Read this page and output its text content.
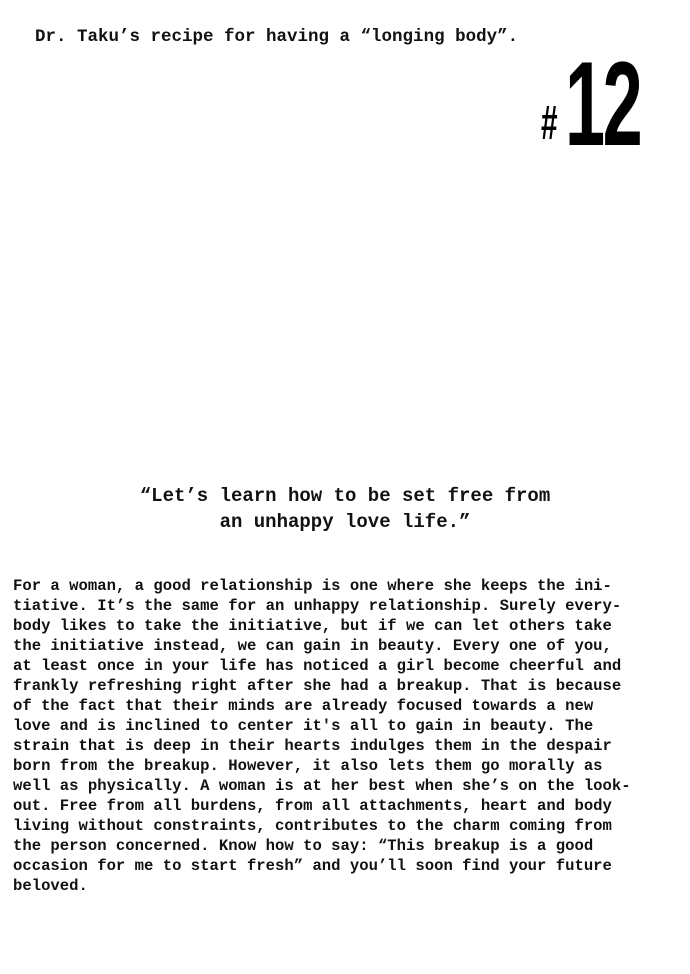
Dr. Taku’s recipe for having a “longing body”.
# 12
“Let’s learn how to be set free from
an unhappy love life.”
For a woman, a good relationship is one where she keeps the ini-
tiative. It’s the same for an unhappy relationship. Surely every-
body likes to take the initiative, but if we can let others take
the initiative instead, we can gain in beauty. Every one of you,
at least once in your life has noticed a girl become cheerful and
frankly refreshing right after she had a breakup. That is because
of the fact that their minds are already focused towards a new
love and is inclined to center it's all to gain in beauty. The
strain that is deep in their hearts indulges them in the despair
born from the breakup. However, it also lets them go morally as
well as physically. A woman is at her best when she’s on the look-
out. Free from all burdens, from all attachments, heart and body
living without constraints, contributes to the charm coming from
the person concerned. Know how to say: “This breakup is a good
occasion for me to start fresh” and you’ll soon find your future
beloved.
